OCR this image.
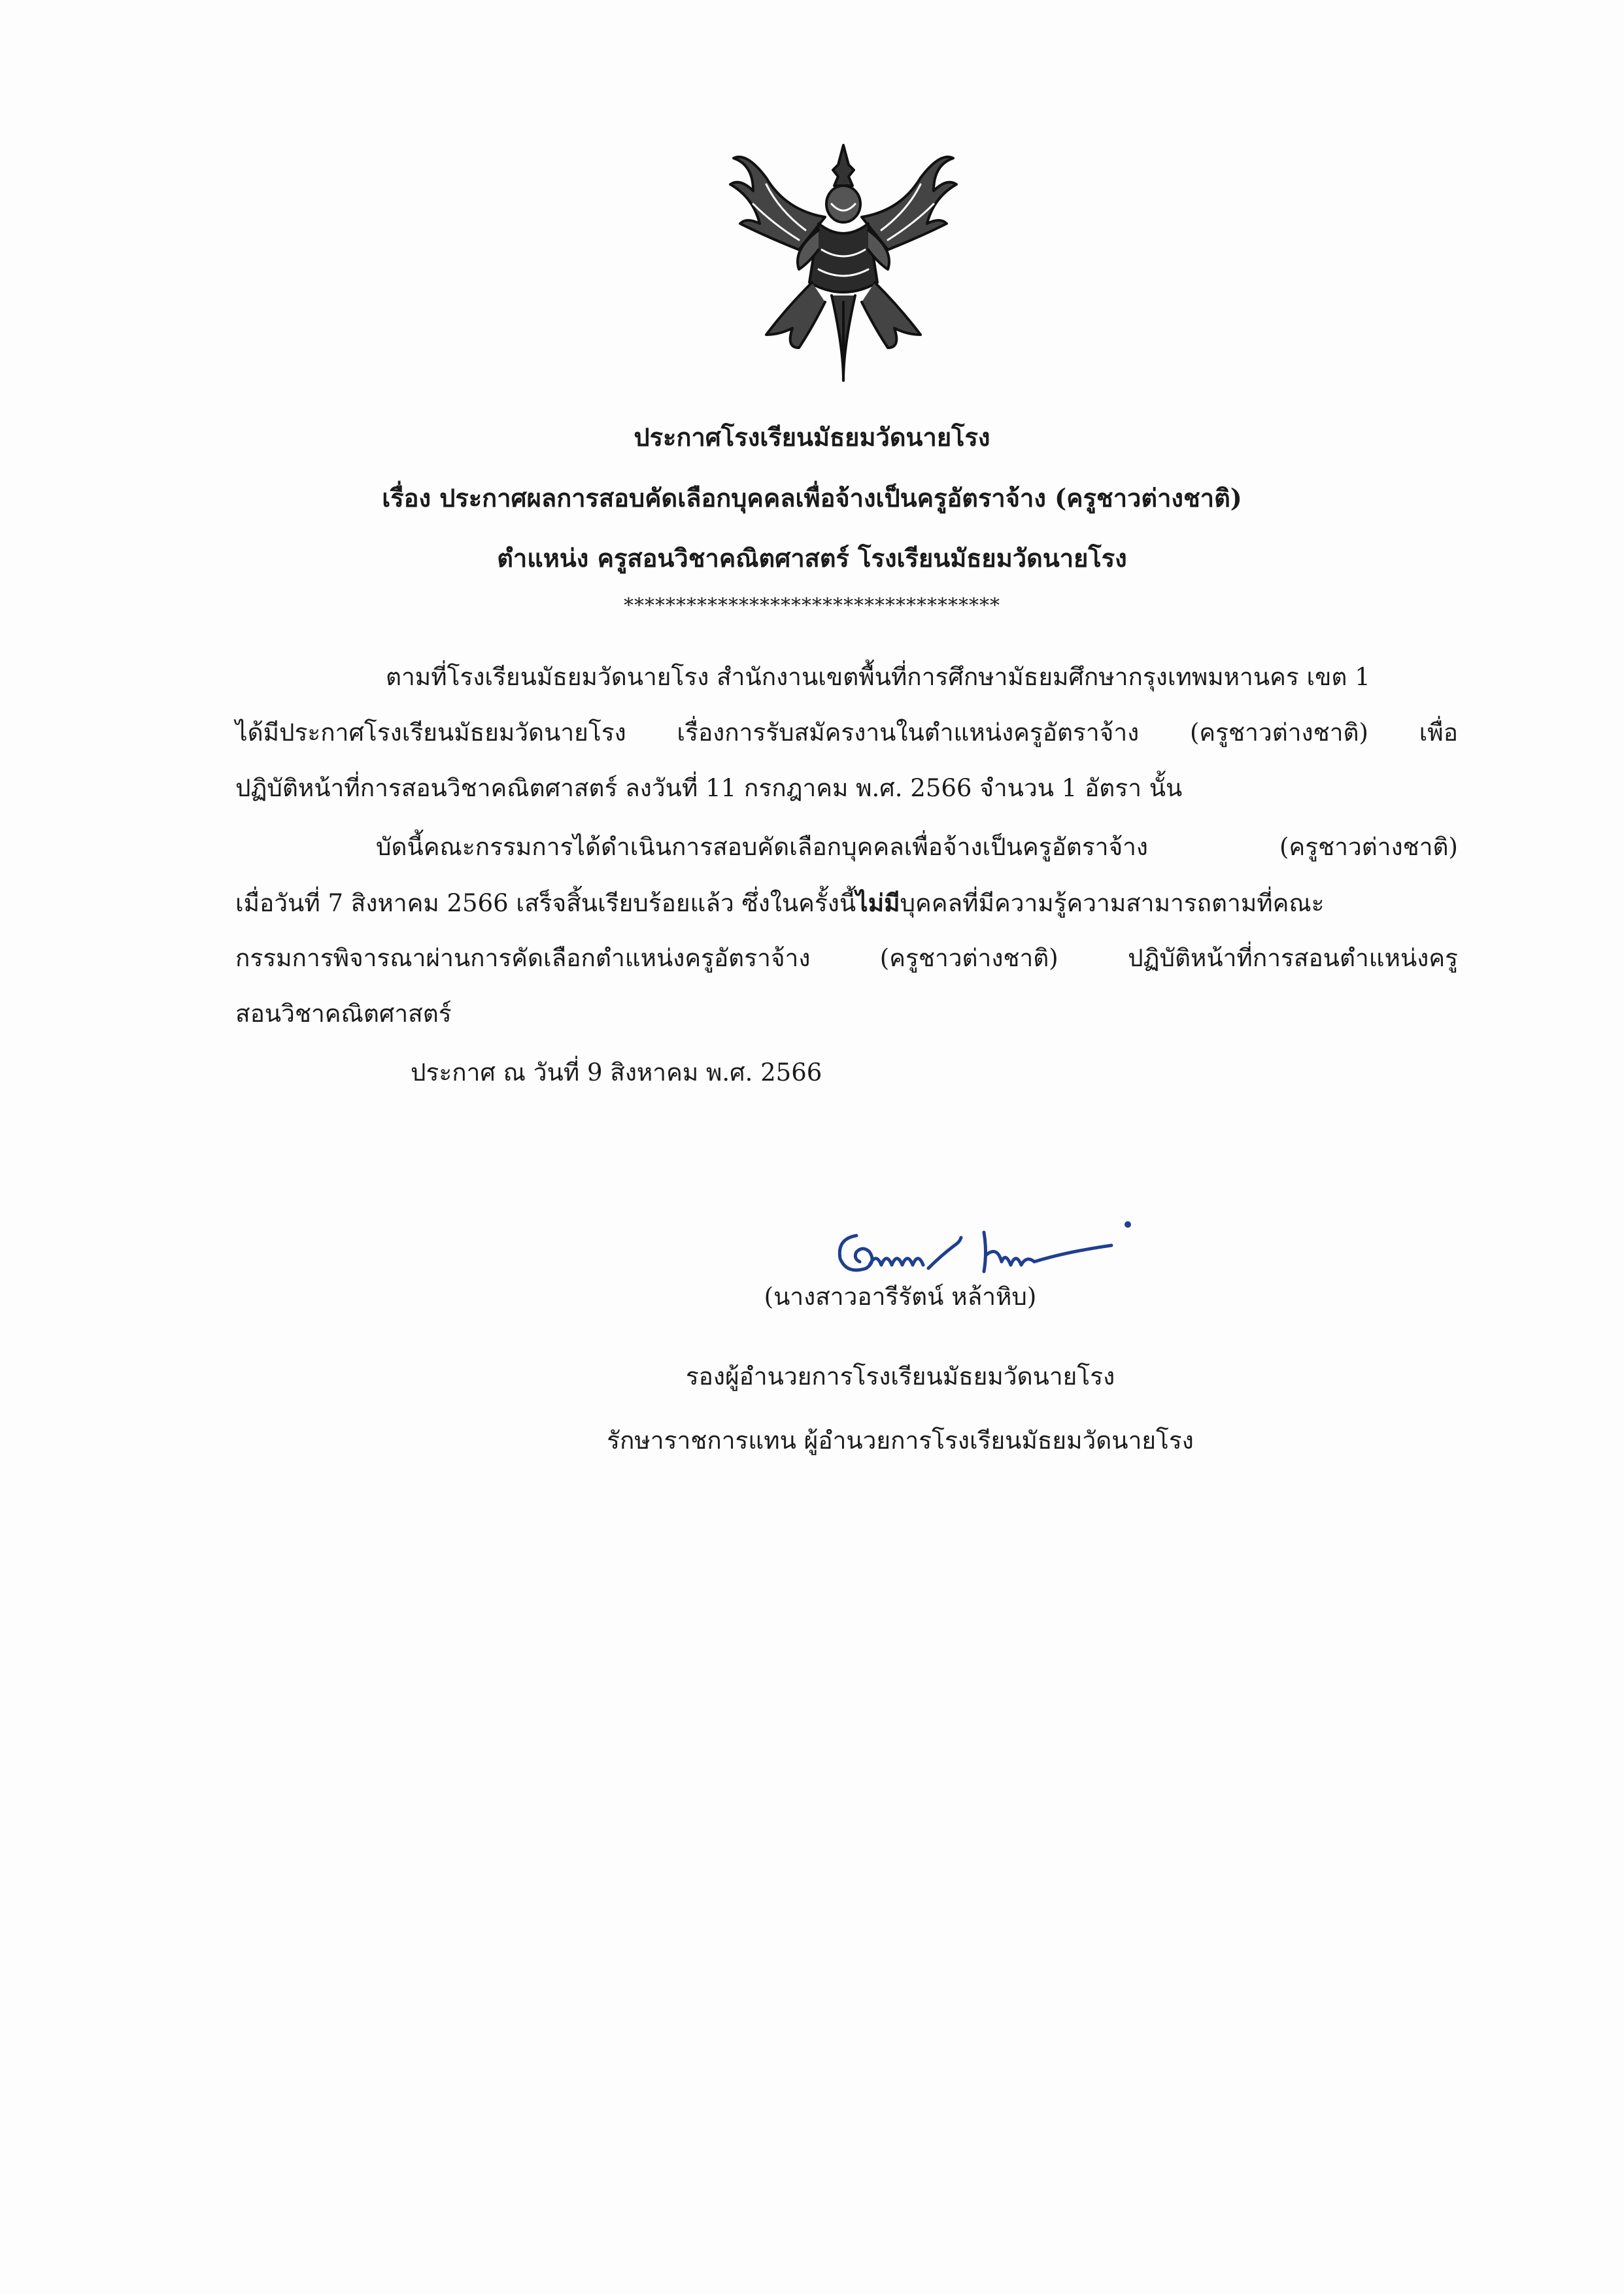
ประกาศโรงเรียนมัธยมวัดนายโรง
เรื่อง ประกาศผลการสอบคัดเลือกบุคคลเพื่อจ้างเป็นครูอัตราจ้าง (ครูชาวต่างชาติ)
ตำแหน่ง ครูสอนวิชาคณิตศาสตร์ โรงเรียนมัธยมวัดนายโรง
************************************
ตามที่โรงเรียนมัธยมวัดนายโรง สำนักงานเขตพื้นที่การศึกษามัธยมศึกษากรุงเทพมหานคร เขต 1
ได้มีประกาศโรงเรียนมัธยมวัดนายโรง เรื่องการรับสมัครงานในตำแหน่งครูอัตราจ้าง (ครูชาวต่างชาติ) เพื่อ
ปฏิบัติหน้าที่การสอนวิชาคณิตศาสตร์ ลงวันที่ 11 กรกฎาคม พ.ศ. 2566 จำนวน 1 อัตรา นั้น
บัดนี้คณะกรรมการได้ดำเนินการสอบคัดเลือกบุคคลเพื่อจ้างเป็นครูอัตราจ้าง (ครูชาวต่างชาติ)
เมื่อวันที่ 7 สิงหาคม 2566 เสร็จสิ้นเรียบร้อยแล้ว ซึ่งในครั้งนี้ไม่มีบุคคลที่มีความรู้ความสามารถตามที่คณะ
กรรมการพิจารณาผ่านการคัดเลือกตำแหน่งครูอัตราจ้าง (ครูชาวต่างชาติ) ปฏิบัติหน้าที่การสอนตำแหน่งครู
สอนวิชาคณิตศาสตร์
ประกาศ ณ วันที่ 9 สิงหาคม พ.ศ. 2566
(นางสาวอารีรัตน์ หล้าหิบ)
รองผู้อำนวยการโรงเรียนมัธยมวัดนายโรง
รักษาราชการแทน ผู้อำนวยการโรงเรียนมัธยมวัดนายโรง
